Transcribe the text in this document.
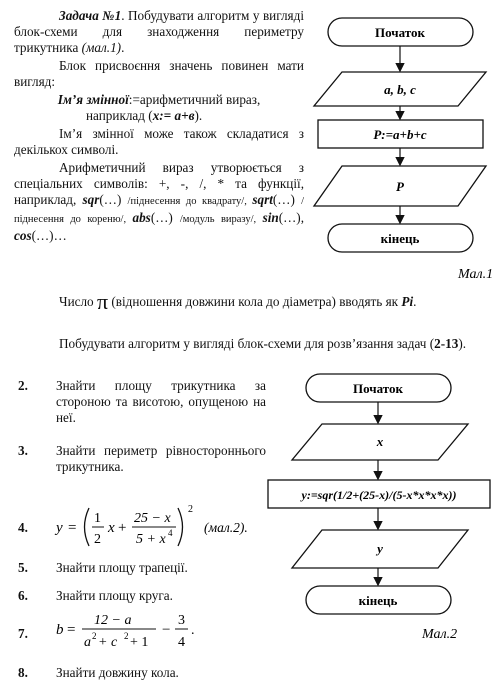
Задача №1. Побудувати алгоритм у вигляді блок-схеми для знаходження периметру трикутника (мал.1).
Блок присвоєння значень повинен мати вигляд:
Ім’я змінної:=арифметичний вираз,
наприклад (х:= а+в).
Ім’я змінної може також складатися з декількох символі.
Арифметичний вираз утворюється з спеціальних символів: +, -, /, * та функції, наприклад, sqr(…) /піднесення до квадрату/, sqrt(…) /піднесення до кореню/, abs(…) /модуль виразу/, sin(…), cos(…)…
Число π (відношення довжини кола до діаметра) вводять як Pi.
Побудувати алгоритм у вигляді блок-схеми для розв’язання задач (2-13).
2. Знайти площу трикутника за стороною та висотою, опущеною на неї.
3. Знайти периметр рівностороннього трикутника.
4. y =
1
2
x +
25 − x
5 + x 4
2
(мал.2).
5. Знайти площу трапеції.
6. Знайти площу круга.
7. b =
12 − a
a 2 + c 2 + 1
−
3
4
.
8. Знайти довжину кола.
Початок
a, b, c
P:=a+b+c
P
кінець
Мал.1
Початок
x
y:=sqr(1/2+(25-x)/(5-x*x*x*x))
y
кінець
Мал.2
